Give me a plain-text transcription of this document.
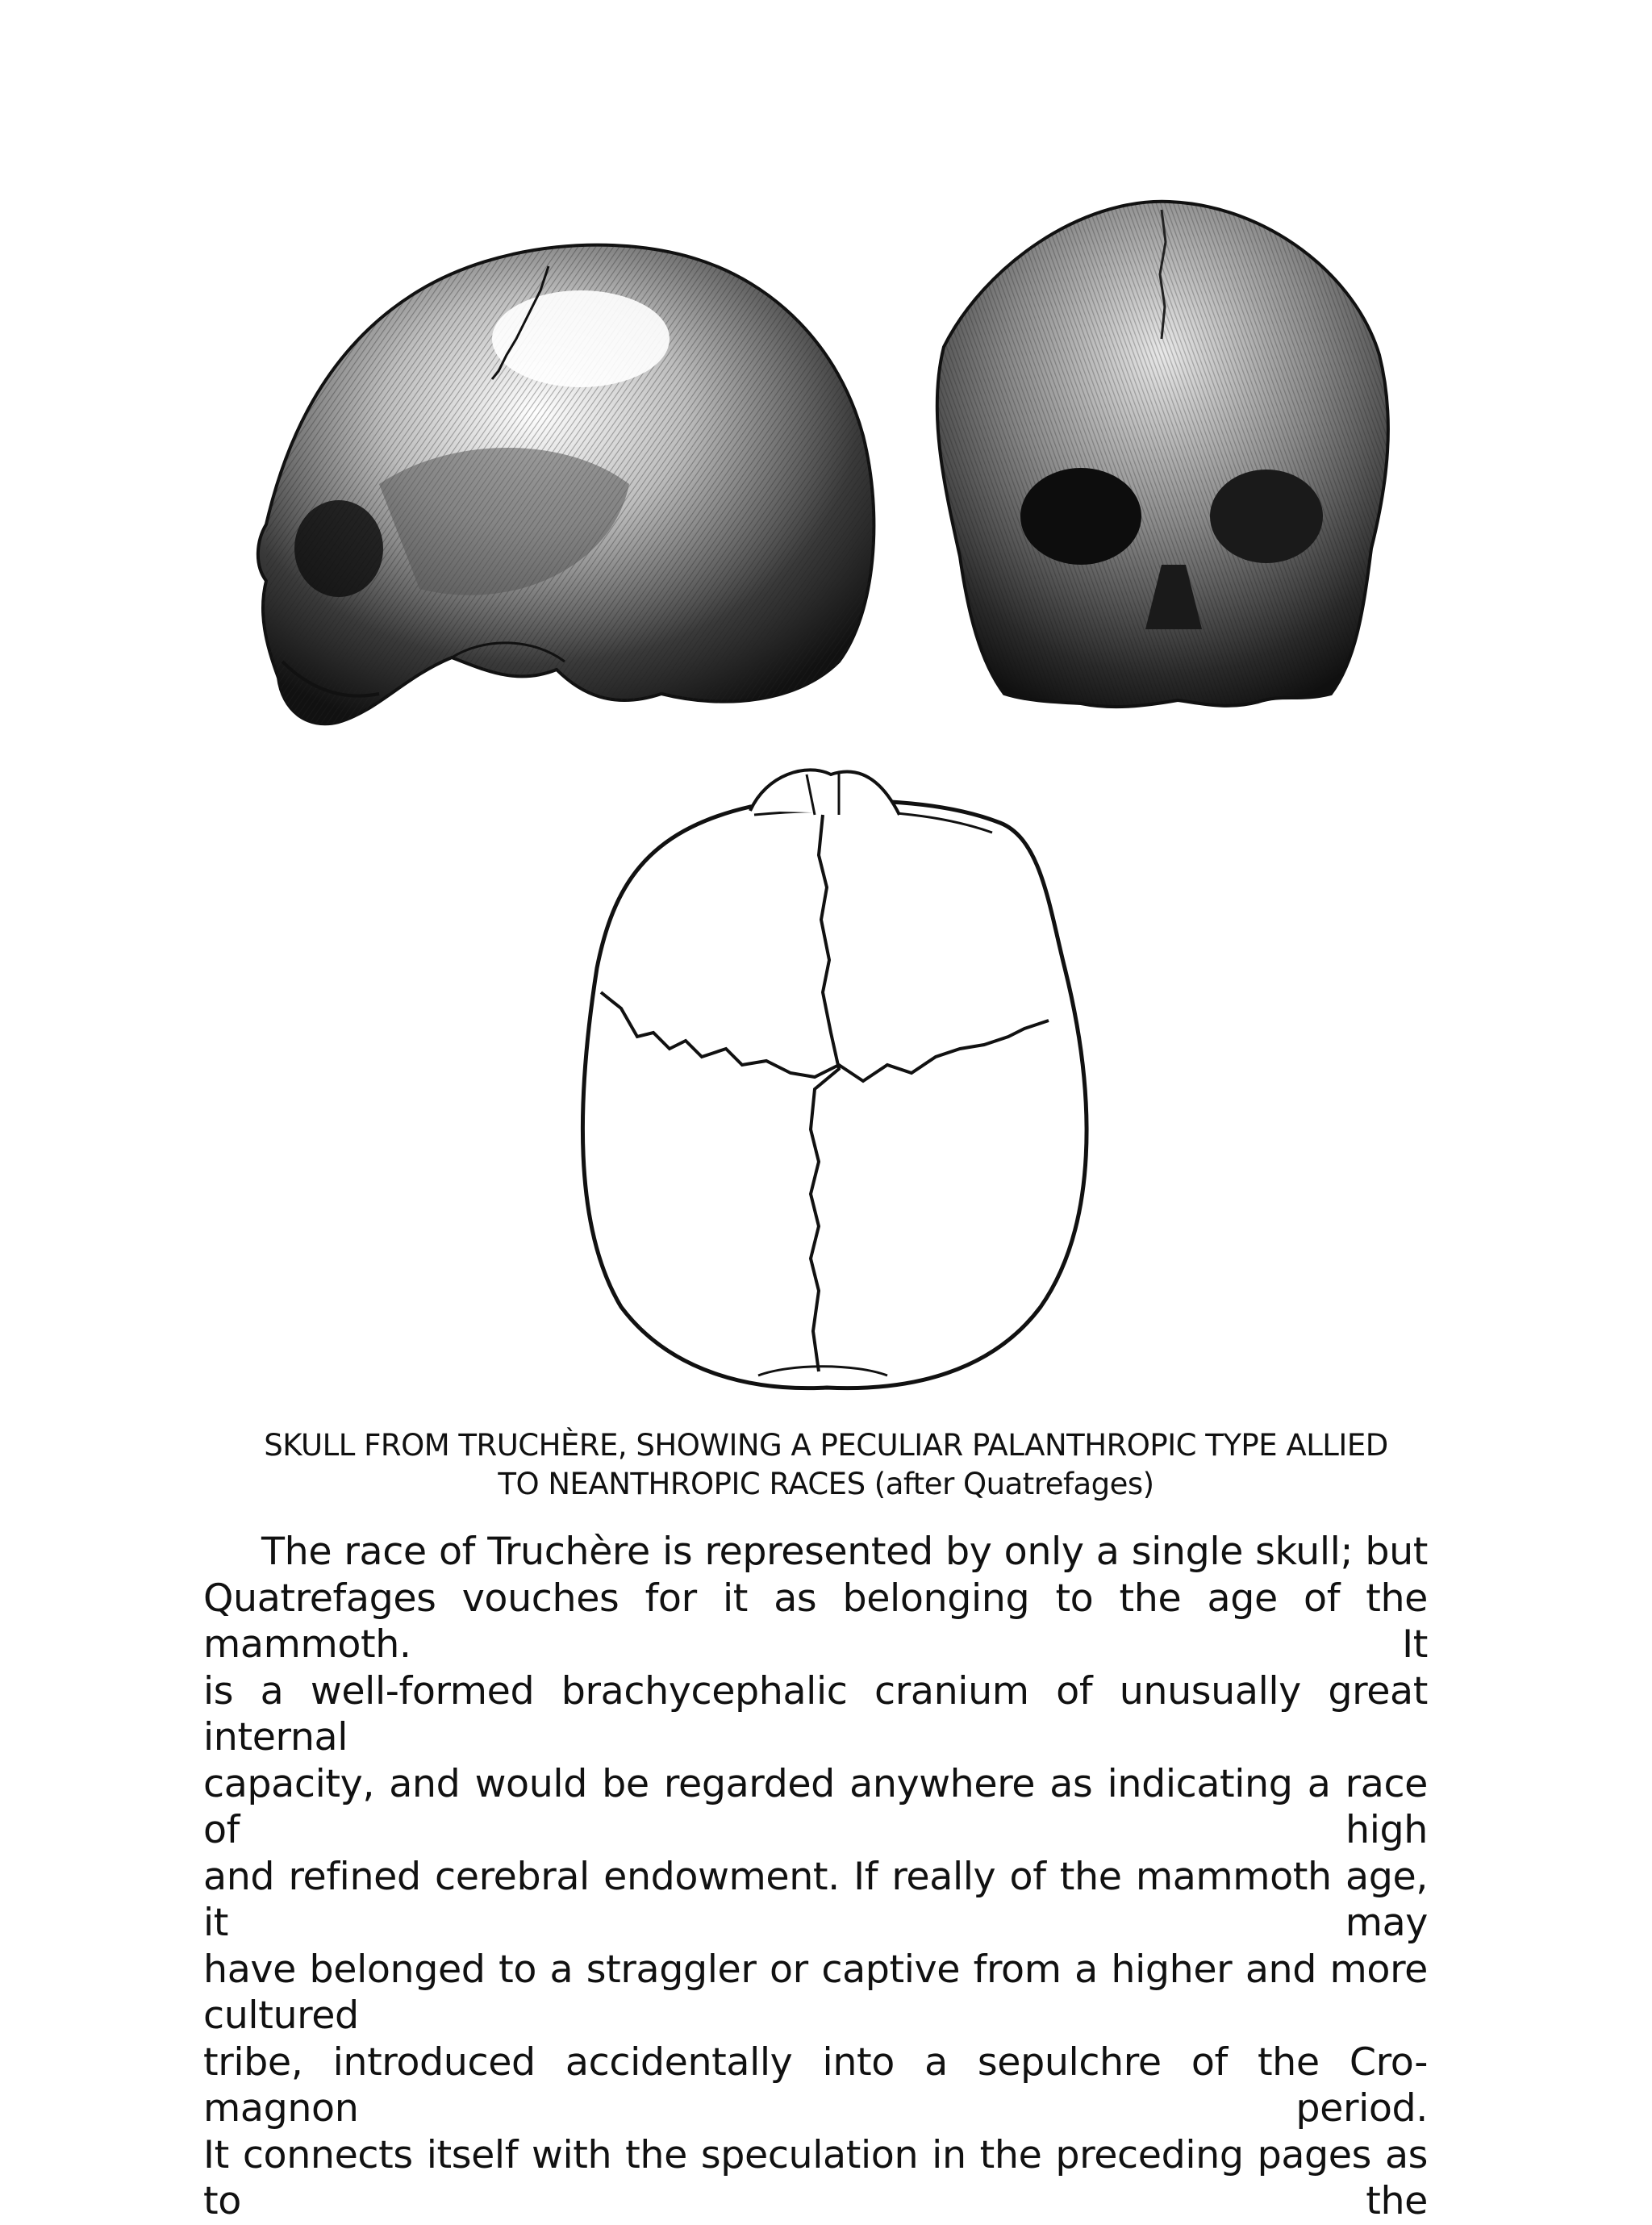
SKULL FROM TRUCHÈRE, SHOWING A PECULIAR PALANTHROPIC TYPE ALLIED
TO NEANTHROPIC RACES (after Quatrefages)
The race of Truchère is represented by only a single skull; but
Quatrefages vouches for it as belonging to the age of the mammoth. It
is a well-formed brachycephalic cranium of unusually great internal
capacity, and would be regarded anywhere as indicating a race of high
and refined cerebral endowment. If really of the mammoth age, it may
have belonged to a straggler or captive from a higher and more cultured
tribe, introduced accidentally into a sepulchre of the Cro-magnon period.
It connects itself with the speculation in the preceding pages as to the
